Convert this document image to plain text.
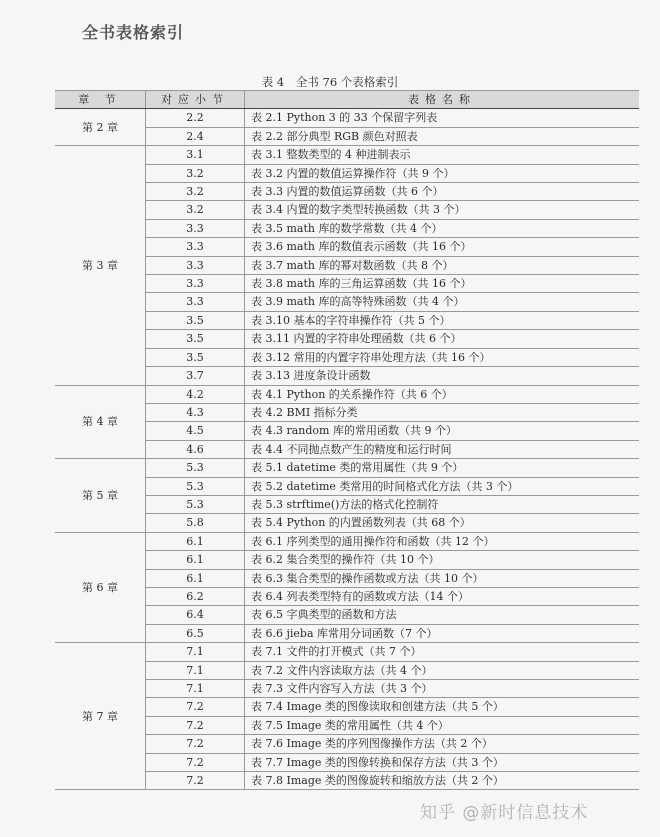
全书表格索引
表 4 全书 76 个表格索引
章 节	对应小节	表格名称
第 2 章	2.2	表 2.1 Python 3 的 33 个保留字列表
	2.4	表 2.2 部分典型 RGB 颜色对照表
第 3 章	3.1	表 3.1 整数类型的 4 种进制表示
	3.2	表 3.2 内置的数值运算操作符（共 9 个）
	3.2	表 3.3 内置的数值运算函数（共 6 个）
	3.2	表 3.4 内置的数字类型转换函数（共 3 个）
	3.3	表 3.5 math 库的数学常数（共 4 个）
	3.3	表 3.6 math 库的数值表示函数（共 16 个）
	3.3	表 3.7 math 库的幂对数函数（共 8 个）
	3.3	表 3.8 math 库的三角运算函数（共 16 个）
	3.3	表 3.9 math 库的高等特殊函数（共 4 个）
	3.5	表 3.10 基本的字符串操作符（共 5 个）
	3.5	表 3.11 内置的字符串处理函数（共 6 个）
	3.5	表 3.12 常用的内置字符串处理方法（共 16 个）
	3.7	表 3.13 进度条设计函数
第 4 章	4.2	表 4.1 Python 的关系操作符（共 6 个）
	4.3	表 4.2 BMI 指标分类
	4.5	表 4.3 random 库的常用函数（共 9 个）
	4.6	表 4.4 不同抛点数产生的精度和运行时间
第 5 章	5.3	表 5.1 datetime 类的常用属性（共 9 个）
	5.3	表 5.2 datetime 类常用的时间格式化方法（共 3 个）
	5.3	表 5.3 strftime()方法的格式化控制符
	5.8	表 5.4 Python 的内置函数列表（共 68 个）
第 6 章	6.1	表 6.1 序列类型的通用操作符和函数（共 12 个）
	6.1	表 6.2 集合类型的操作符（共 10 个）
	6.1	表 6.3 集合类型的操作函数或方法（共 10 个）
	6.2	表 6.4 列表类型特有的函数或方法（14 个）
	6.4	表 6.5 字典类型的函数和方法
	6.5	表 6.6 jieba 库常用分词函数（7 个）
第 7 章	7.1	表 7.1 文件的打开模式（共 7 个）
	7.1	表 7.2 文件内容读取方法（共 4 个）
	7.1	表 7.3 文件内容写入方法（共 3 个）
	7.2	表 7.4 Image 类的图像读取和创建方法（共 5 个）
	7.2	表 7.5 Image 类的常用属性（共 4 个）
	7.2	表 7.6 Image 类的序列图像操作方法（共 2 个）
	7.2	表 7.7 Image 类的图像转换和保存方法（共 3 个）
	7.2	表 7.8 Image 类的图像旋转和缩放方法（共 2 个）
知乎 @新时信息技术
